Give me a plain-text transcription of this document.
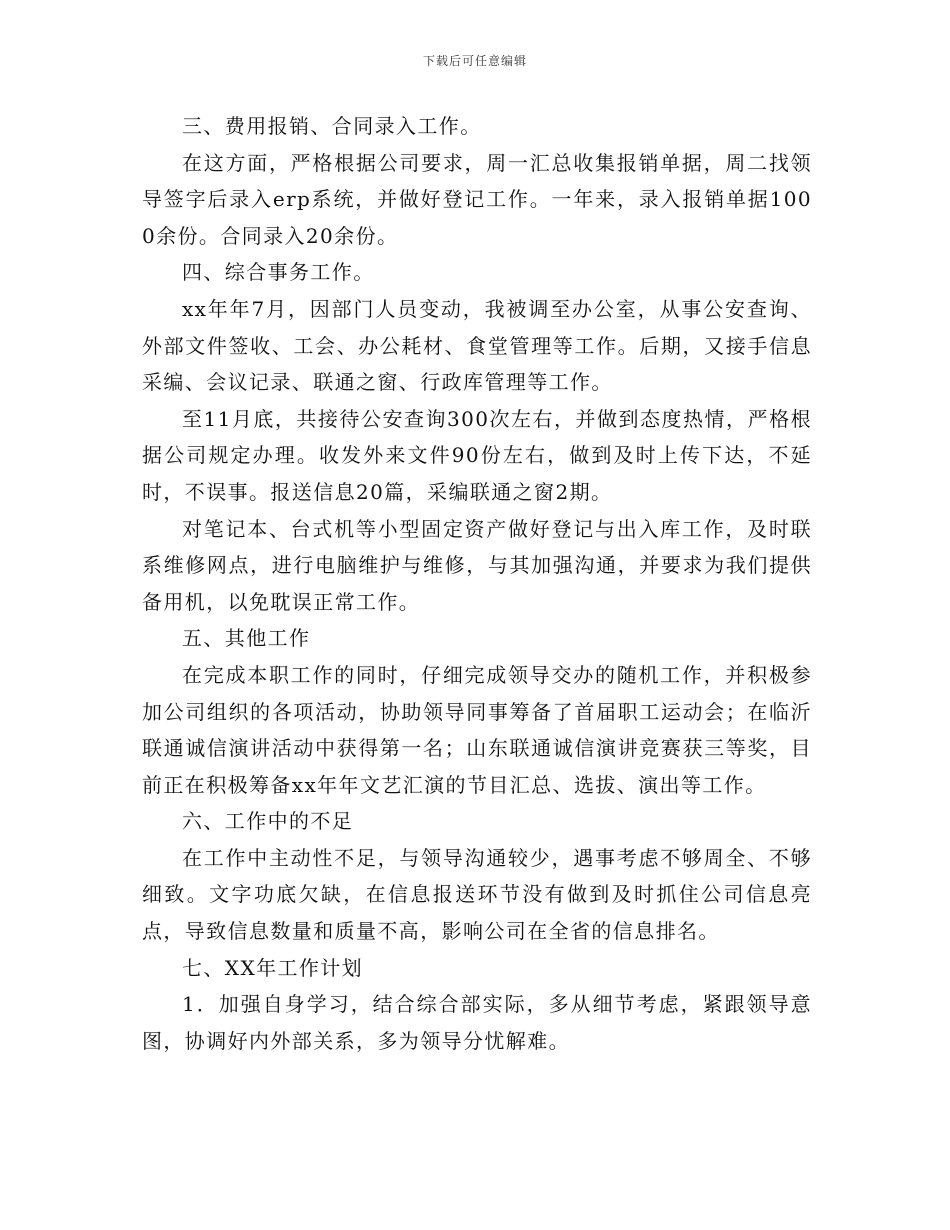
下载后可任意编辑

三、费用报销、合同录入工作。

在这方面，严格根据公司要求，周一汇总收集报销单据，周二找领导签字后录入erp系统，并做好登记工作。一年来，录入报销单据1000余份。合同录入20余份。

四、综合事务工作。

xx年年7月，因部门人员变动，我被调至办公室，从事公安查询、外部文件签收、工会、办公耗材、食堂管理等工作。后期，又接手信息采编、会议记录、联通之窗、行政库管理等工作。

至11月底，共接待公安查询300次左右，并做到态度热情，严格根据公司规定办理。收发外来文件90份左右，做到及时上传下达，不延时，不误事。报送信息20篇，采编联通之窗2期。

对笔记本、台式机等小型固定资产做好登记与出入库工作，及时联系维修网点，进行电脑维护与维修，与其加强沟通，并要求为我们提供备用机，以免耽误正常工作。

五、其他工作

在完成本职工作的同时，仔细完成领导交办的随机工作，并积极参加公司组织的各项活动，协助领导同事筹备了首届职工运动会；在临沂联通诚信演讲活动中获得第一名；山东联通诚信演讲竞赛获三等奖，目前正在积极筹备xx年年文艺汇演的节目汇总、选拔、演出等工作。

六、工作中的不足

在工作中主动性不足，与领导沟通较少，遇事考虑不够周全、不够细致。文字功底欠缺，在信息报送环节没有做到及时抓住公司信息亮点，导致信息数量和质量不高，影响公司在全省的信息排名。

七、XX年工作计划

1．加强自身学习，结合综合部实际，多从细节考虑，紧跟领导意图，协调好内外部关系，多为领导分忧解难。
